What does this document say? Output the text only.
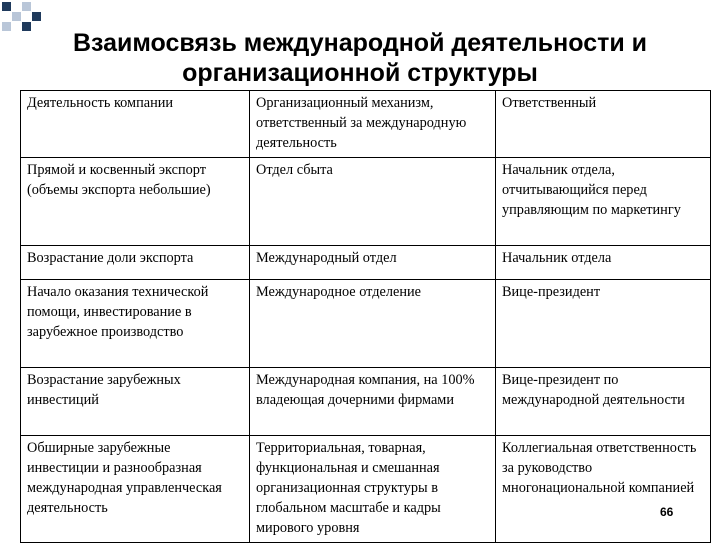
Взаимосвязь международной деятельности и
организационной структуры
Деятельность компании	Организационный механизм, ответственный за международную деятельность	Ответственный
Прямой и косвенный экспорт (объемы экспорта небольшие)	Отдел сбыта	Начальник отдела, отчитывающийся перед управляющим по маркетингу
Возрастание доли экспорта	Международный отдел	Начальник отдела
Начало оказания технической помощи, инвестирование в зарубежное производство	Международное отделение	Вице-президент
Возрастание зарубежных инвестиций	Международная компания, на 100% владеющая дочерними фирмами	Вице-президент по международной деятельности
Обширные зарубежные инвестиции и разнообразная международная управленческая деятельность	Территориальная, товарная, функциональная и смешанная организационная структуры в глобальном масштабе и кадры мирового уровня	Коллегиальная ответственность за руководство многонациональной компанией
66
